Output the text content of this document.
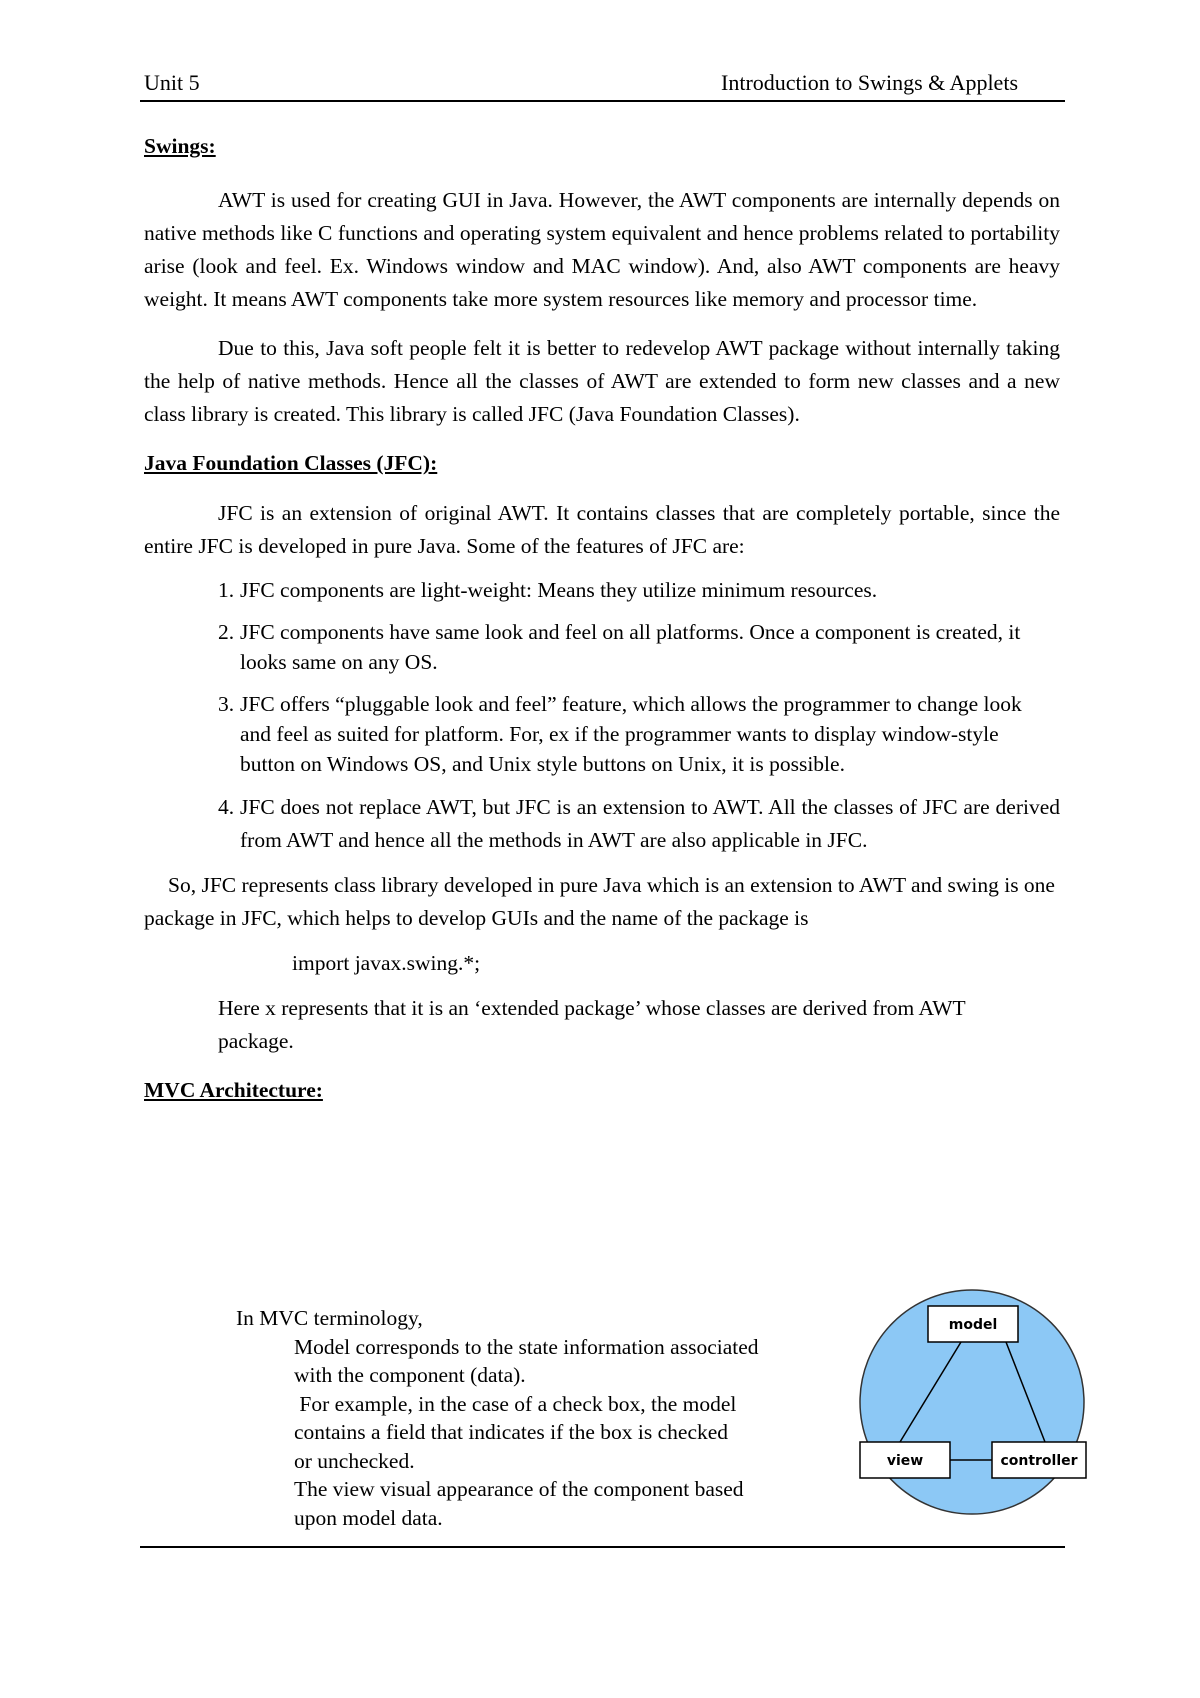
Unit 5	Introduction to Swings & Applets
Swings:

AWT is used for creating GUI in Java. However, the AWT components are internally depends on native methods like C functions and operating system equivalent and hence problems related to portability arise (look and feel. Ex. Windows window and MAC window). And, also AWT components are heavy weight. It means AWT components take more system resources like memory and processor time.

Due to this, Java soft people felt it is better to redevelop AWT package without internally taking the help of native methods. Hence all the classes of AWT are extended to form new classes and a new class library is created. This library is called JFC (Java Foundation Classes).

Java Foundation Classes (JFC):

JFC is an extension of original AWT. It contains classes that are completely portable, since the entire JFC is developed in pure Java. Some of the features of JFC are:

1. JFC components are light-weight: Means they utilize minimum resources.
2. JFC components have same look and feel on all platforms. Once a component is created, it looks same on any OS.
3. JFC offers “pluggable look and feel” feature, which allows the programmer to change look and feel as suited for platform. For, ex if the programmer wants to display window-style button on Windows OS, and Unix style buttons on Unix, it is possible.
4. JFC does not replace AWT, but JFC is an extension to AWT. All the classes of JFC are derived from AWT and hence all the methods in AWT are also applicable in JFC.

So, JFC represents class library developed in pure Java which is an extension to AWT and swing is one package in JFC, which helps to develop GUIs and the name of the package is

import javax.swing.*;

Here x represents that it is an ‘extended package’ whose classes are derived from AWT package.

MVC Architecture:
In MVC terminology,
Model corresponds to the state information associated
with the component (data).
For example, in the case of a check box, the model
contains a field that indicates if the box is checked
or unchecked.
The view visual appearance of the component based
upon model data.
model
view	controller
